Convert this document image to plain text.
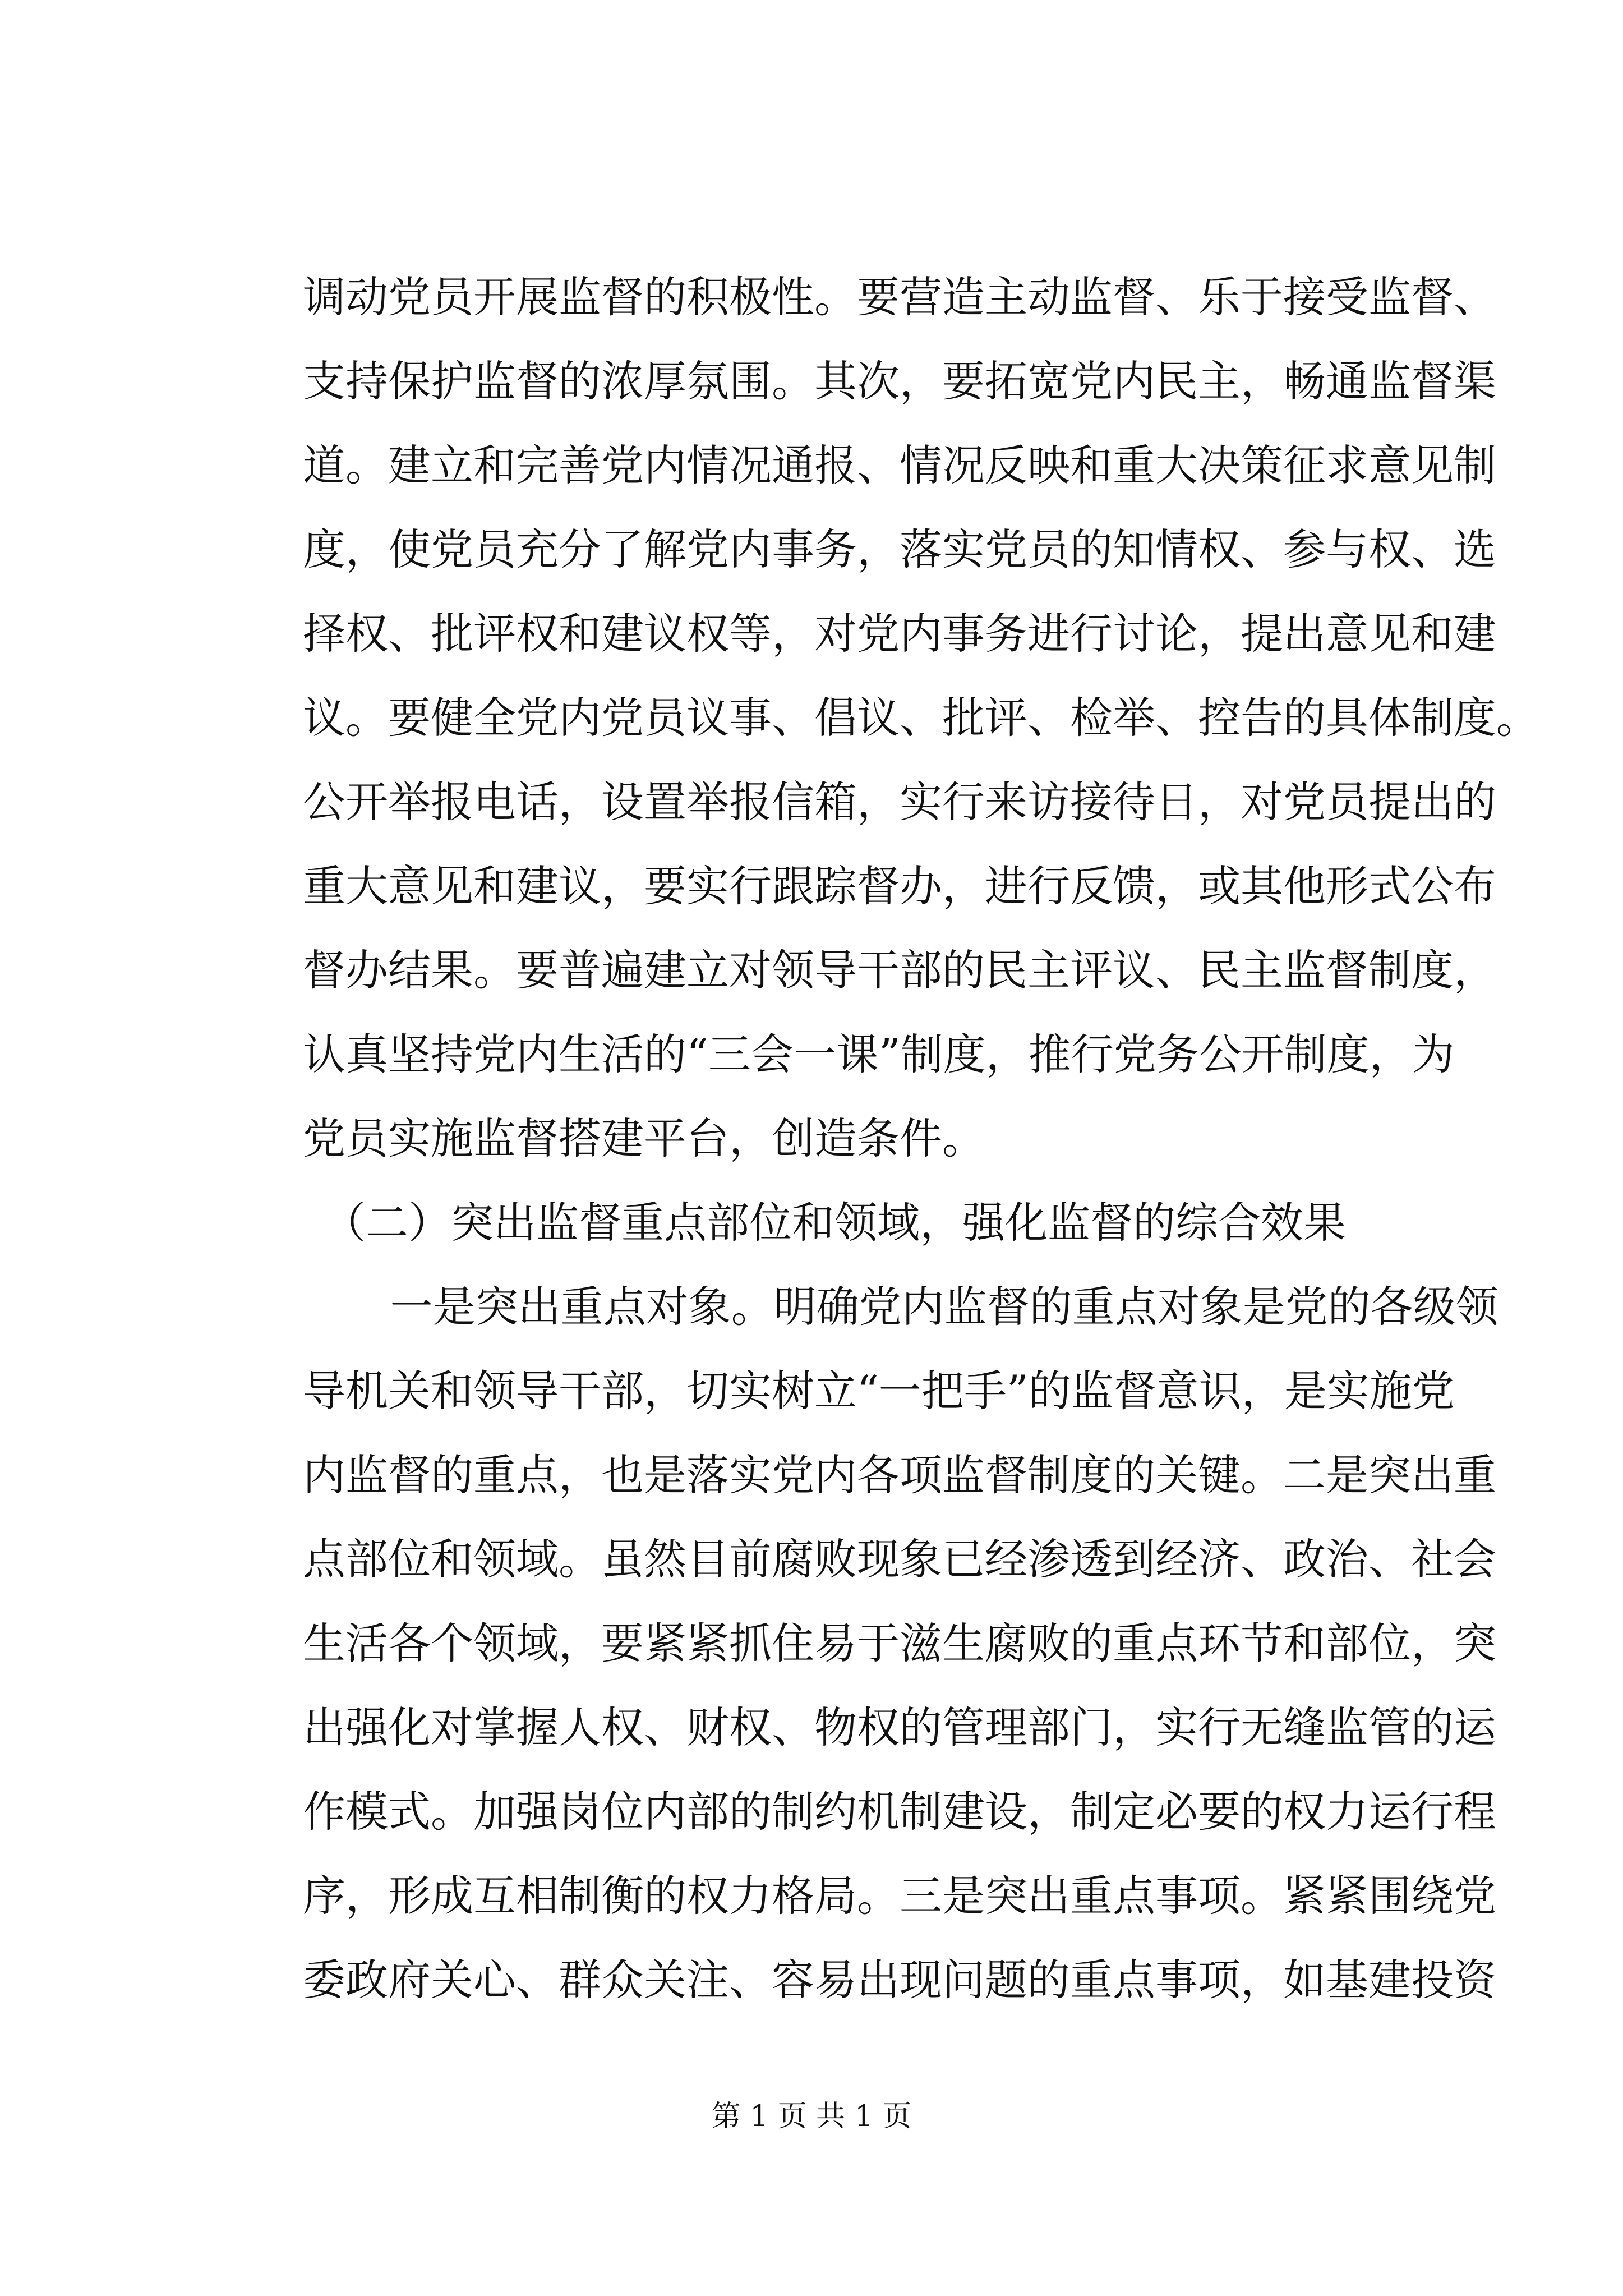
调动党员开展监督的积极性。要营造主动监督、乐于接受监督、
支持保护监督的浓厚氛围。其次，要拓宽党内民主，畅通监督渠
道。建立和完善党内情况通报、情况反映和重大决策征求意见制
度，使党员充分了解党内事务，落实党员的知情权、参与权、选
择权、批评权和建议权等，对党内事务进行讨论，提出意见和建
议。要健全党内党员议事、倡议、批评、检举、控告的具体制度。
公开举报电话，设置举报信箱，实行来访接待日，对党员提出的
重大意见和建议，要实行跟踪督办，进行反馈，或其他形式公布
督办结果。要普遍建立对领导干部的民主评议、民主监督制度，
认真坚持党内生活的“三会一课”制度，推行党务公开制度，为
党员实施监督搭建平台，创造条件。
（二）突出监督重点部位和领域，强化监督的综合效果
一是突出重点对象。明确党内监督的重点对象是党的各级领
导机关和领导干部，切实树立“一把手”的监督意识，是实施党
内监督的重点，也是落实党内各项监督制度的关键。二是突出重
点部位和领域。虽然目前腐败现象已经渗透到经济、政治、社会
生活各个领域，要紧紧抓住易于滋生腐败的重点环节和部位，突
出强化对掌握人权、财权、物权的管理部门，实行无缝监管的运
作模式。加强岗位内部的制约机制建设，制定必要的权力运行程
序，形成互相制衡的权力格局。三是突出重点事项。紧紧围绕党
委政府关心、群众关注、容易出现问题的重点事项，如基建投资
第 1 页 共 1 页
